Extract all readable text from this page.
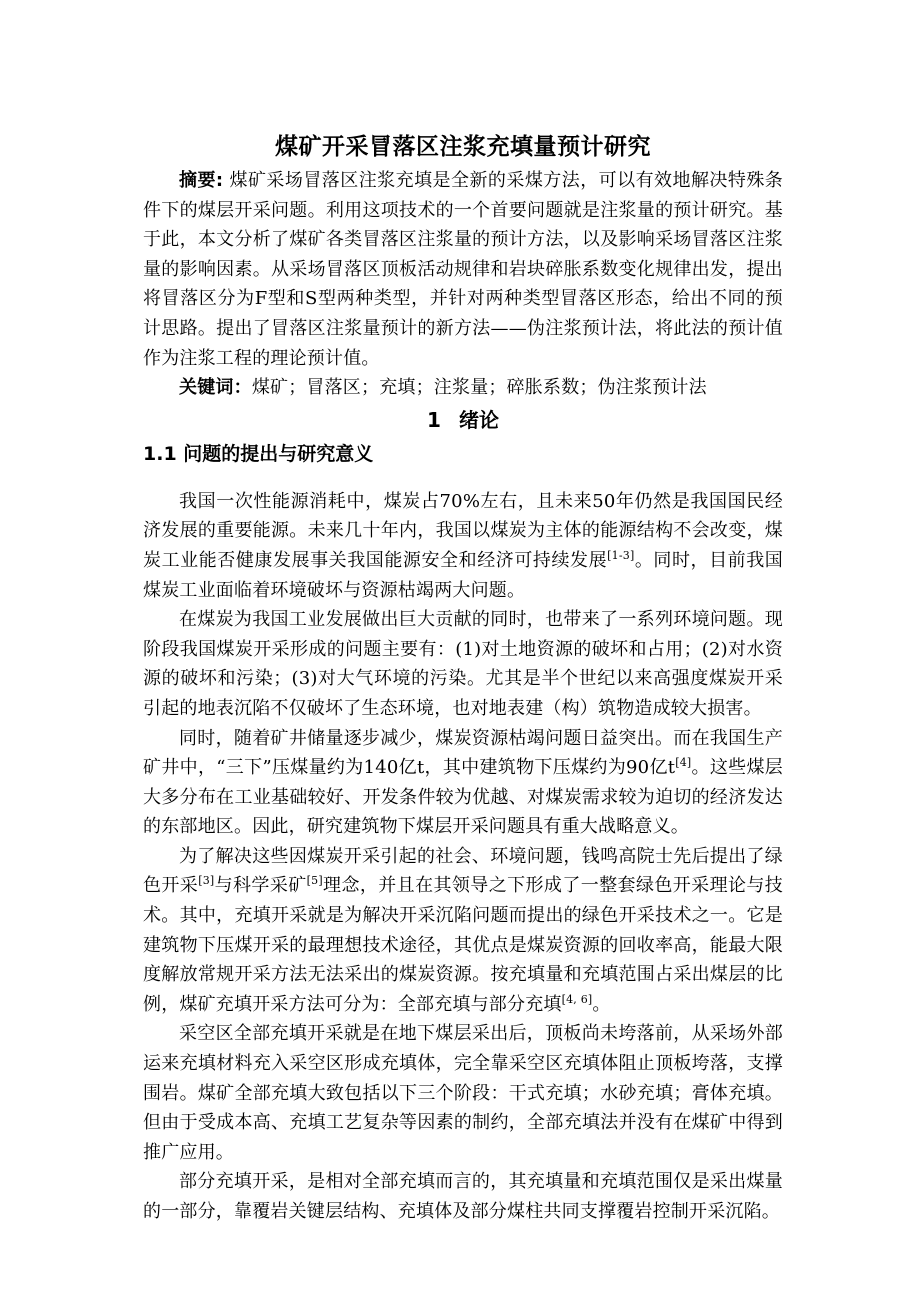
煤矿开采冒落区注浆充填量预计研究

摘要: 煤矿采场冒落区注浆充填是全新的采煤方法，可以有效地解决特殊条件下的煤层开采问题。利用这项技术的一个首要问题就是注浆量的预计研究。基于此，本文分析了煤矿各类冒落区注浆量的预计方法，以及影响采场冒落区注浆量的影响因素。从采场冒落区顶板活动规律和岩块碎胀系数变化规律出发，提出将冒落区分为F型和S型两种类型，并针对两种类型冒落区形态，给出不同的预计思路。提出了冒落区注浆量预计的新方法——伪注浆预计法，将此法的预计值作为注浆工程的理论预计值。

关键词：煤矿；冒落区；充填；注浆量；碎胀系数；伪注浆预计法

1 绪论
1.1 问题的提出与研究意义

我国一次性能源消耗中，煤炭占70%左右，且未来50年仍然是我国国民经济发展的重要能源。未来几十年内，我国以煤炭为主体的能源结构不会改变，煤炭工业能否健康发展事关我国能源安全和经济可持续发展[1-3]。同时，目前我国煤炭工业面临着环境破坏与资源枯竭两大问题。

在煤炭为我国工业发展做出巨大贡献的同时，也带来了一系列环境问题。现阶段我国煤炭开采形成的问题主要有：(1)对土地资源的破坏和占用；(2)对水资源的破坏和污染；(3)对大气环境的污染。尤其是半个世纪以来高强度煤炭开采引起的地表沉陷不仅破坏了生态环境，也对地表建（构）筑物造成较大损害。

同时，随着矿井储量逐步减少，煤炭资源枯竭问题日益突出。而在我国生产矿井中，“三下”压煤量约为140亿t，其中建筑物下压煤约为90亿t[4]。这些煤层大多分布在工业基础较好、开发条件较为优越、对煤炭需求较为迫切的经济发达的东部地区。因此，研究建筑物下煤层开采问题具有重大战略意义。

为了解决这些因煤炭开采引起的社会、环境问题，钱鸣高院士先后提出了绿色开采[3]与科学采矿[5]理念，并且在其领导之下形成了一整套绿色开采理论与技术。其中，充填开采就是为解决开采沉陷问题而提出的绿色开采技术之一。它是建筑物下压煤开采的最理想技术途径，其优点是煤炭资源的回收率高，能最大限度解放常规开采方法无法采出的煤炭资源。按充填量和充填范围占采出煤层的比例，煤矿充填开采方法可分为：全部充填与部分充填[4, 6]。

采空区全部充填开采就是在地下煤层采出后，顶板尚未垮落前，从采场外部运来充填材料充入采空区形成充填体，完全靠采空区充填体阻止顶板垮落，支撑围岩。煤矿全部充填大致包括以下三个阶段：干式充填；水砂充填；膏体充填。但由于受成本高、充填工艺复杂等因素的制约，全部充填法并没有在煤矿中得到推广应用。

部分充填开采，是相对全部充填而言的，其充填量和充填范围仅是采出煤量的一部分，靠覆岩关键层结构、充填体及部分煤柱共同支撑覆岩控制开采沉陷。
